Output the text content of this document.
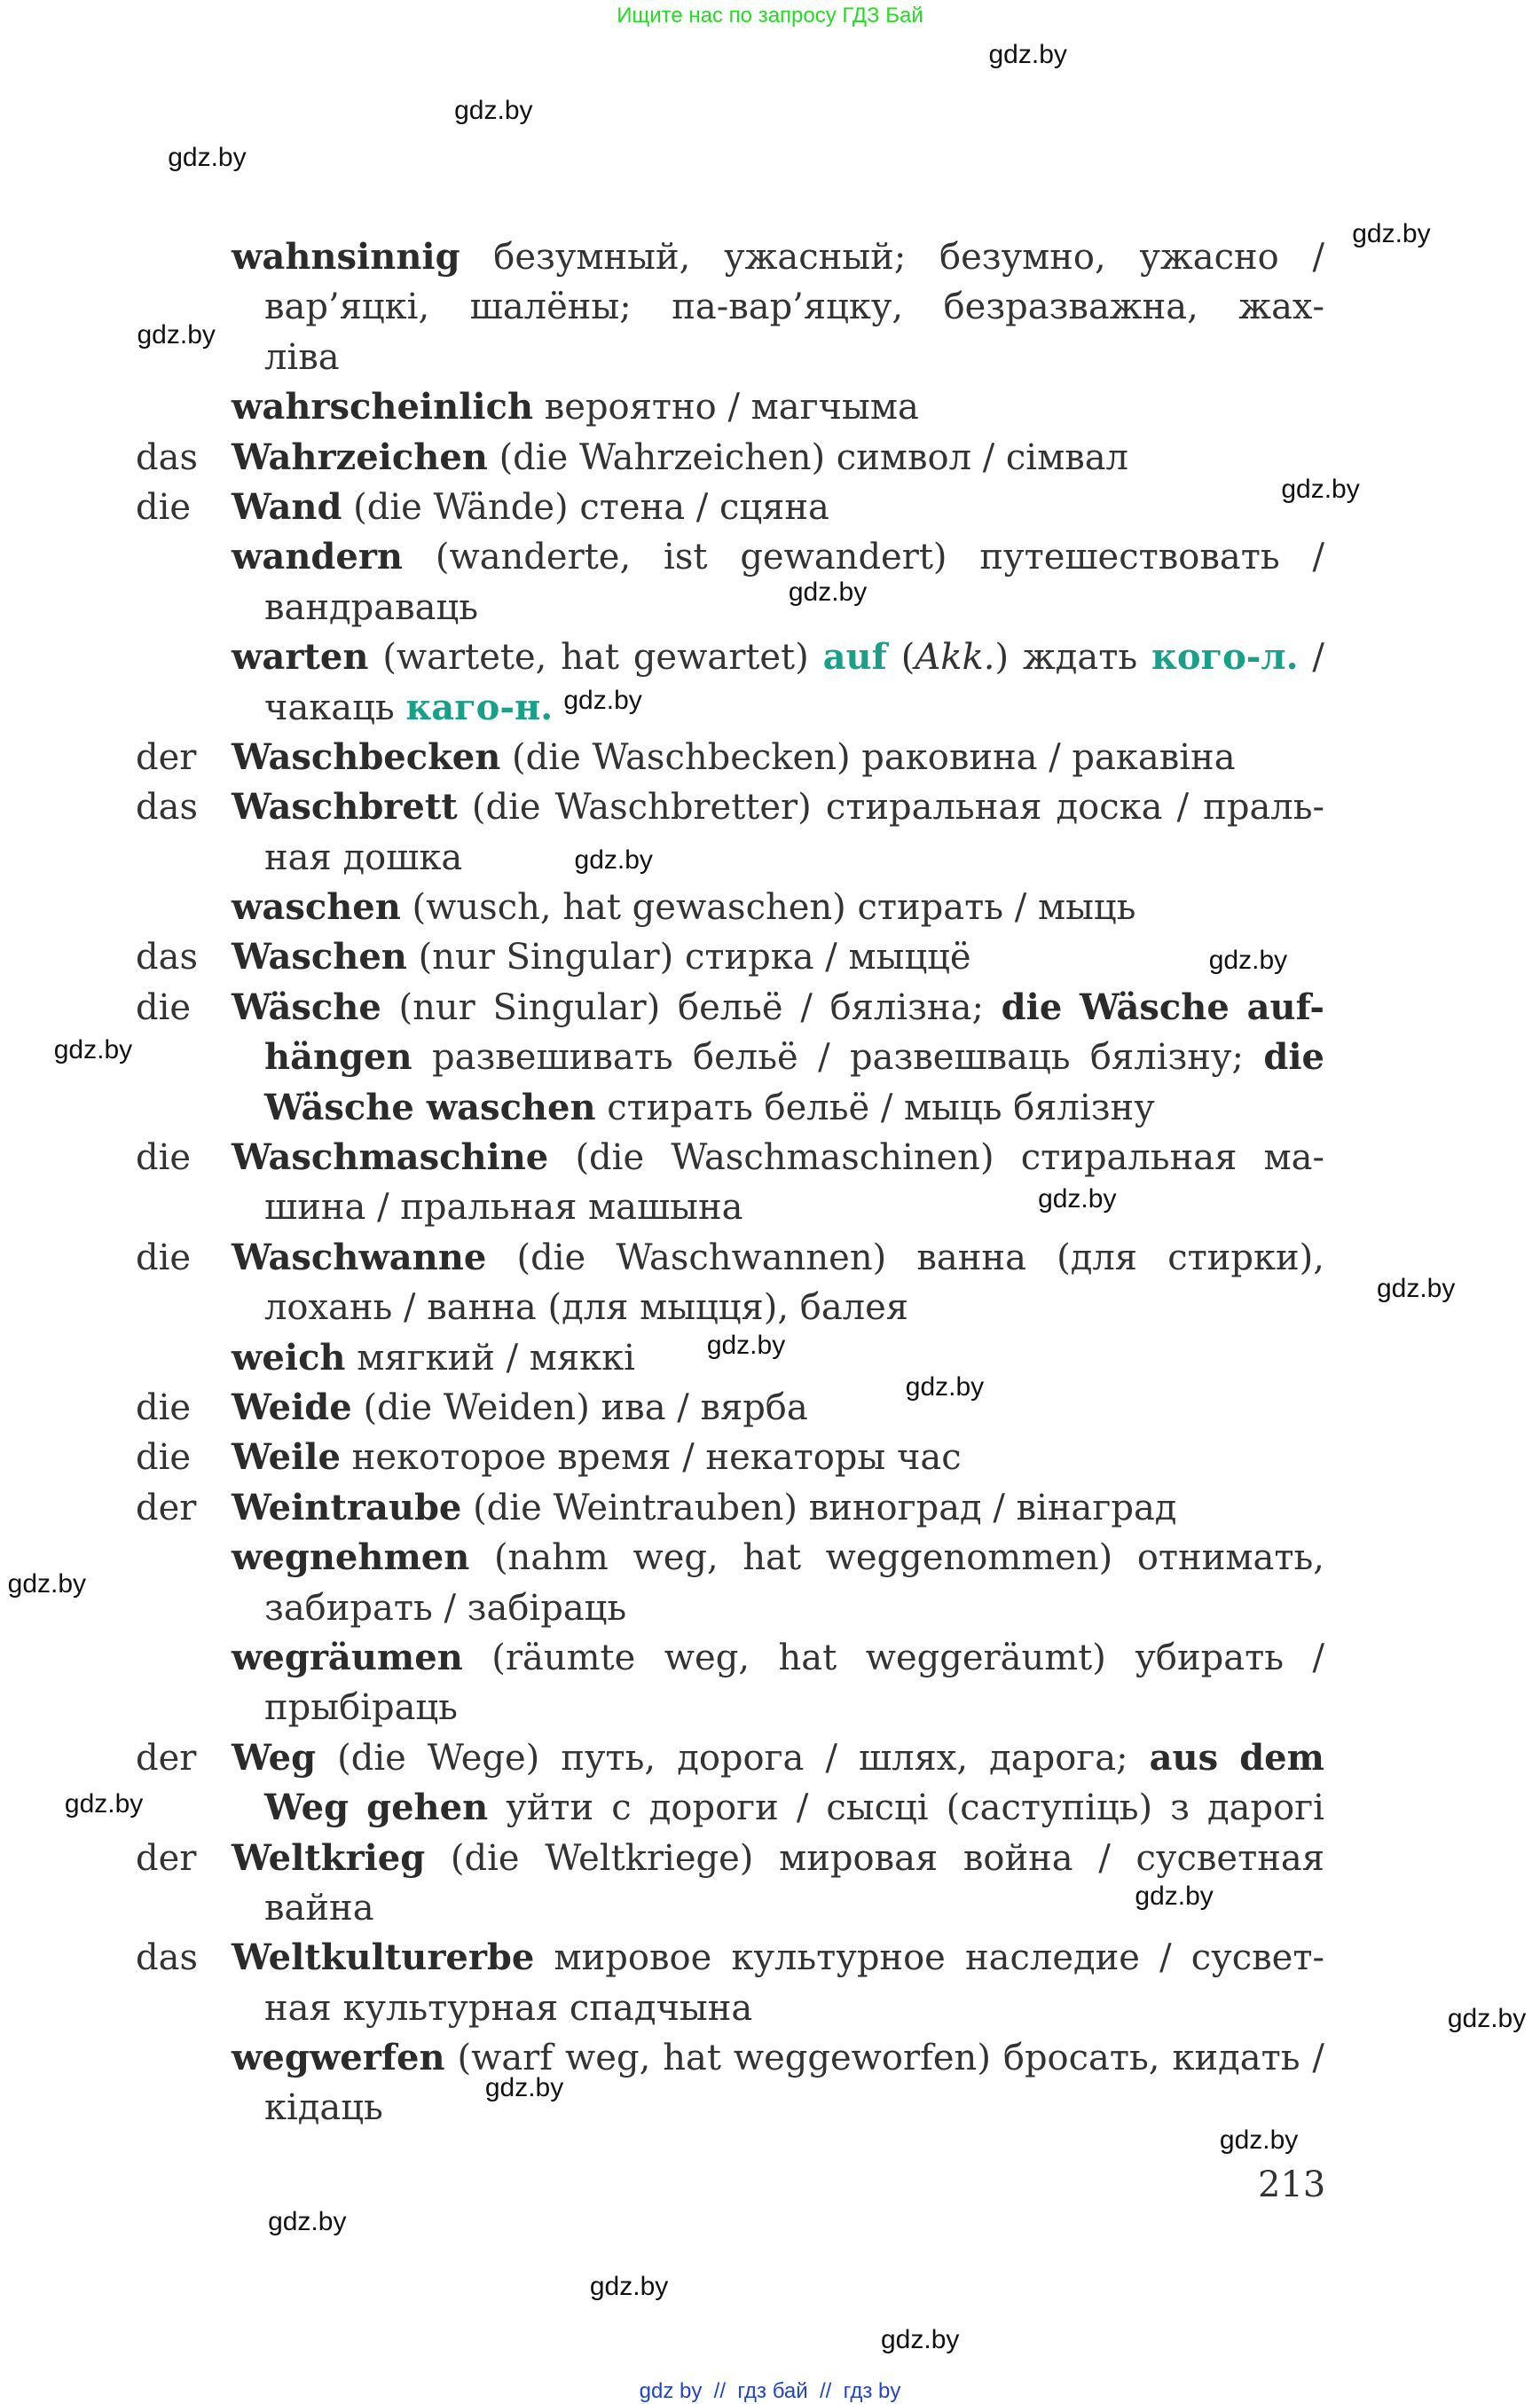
Ищите нас по запросу ГДЗ Бай
wahnsinnig безумный, ужасный; безумно, ужасно /
вар’яцкі, шалёны; па-вар’яцку, безразважна, жах-
ліва
wahrscheinlich вероятно / магчыма
das Wahrzeichen (die Wahrzeichen) символ / сімвал
die Wand (die Wände) стена / сцяна
wandern (wanderte, ist gewandert) путешествовать /
вандраваць
warten (wartete, hat gewartet) auf (Akk.) ждать кого-л. /
чакаць каго-н.
der Waschbecken (die Waschbecken) раковина / ракавіна
das Waschbrett (die Waschbretter) стиральная доска / праль-
ная дошка
waschen (wusch, hat gewaschen) стирать / мыць
das Waschen (nur Singular) стирка / мыццё
die Wäsche (nur Singular) бельё / бялізна; die Wäsche auf-
hängen развешивать бельё / развешваць бялізну; die
Wäsche waschen стирать бельё / мыць бялізну
die Waschmaschine (die Waschmaschinen) стиральная ма-
шина / пральная машына
die Waschwanne (die Waschwannen) ванна (для стирки),
лохань / ванна (для мыцця), балея
weich мягкий / мяккі
die Weide (die Weiden) ива / вярба
die Weile некоторое время / некаторы час
der Weintraube (die Weintrauben) виноград / вінаград
wegnehmen (nahm weg, hat weggenommen) отнимать,
забирать / забіраць
wegräumen (räumte weg, hat weggeräumt) убирать /
прыбіраць
der Weg (die Wege) путь, дорога / шлях, дарога; aus dem
Weg gehen уйти с дороги / сысці (саступіць) з дарогі
der Weltkrieg (die Weltkriege) мировая война / сусветная
вайна
das Weltkulturerbe мировое культурное наследие / сусвет-
ная культурная спадчына
wegwerfen (warf weg, hat weggeworfen) бросать, кидать /
кідаць
213
gdz.by
gdz.by
gdz.by
gdz.by
gdz.by
gdz.by
gdz.by
gdz.by
gdz.by
gdz.by
gdz.by
gdz.by
gdz.by
gdz.by
gdz.by
gdz.by
gdz.by
gdz.by
gdz.by
gdz.by
gdz.by
gdz.by
gdz.by
gdz.by
gdz by  //  гдз бай  //  гдз by
